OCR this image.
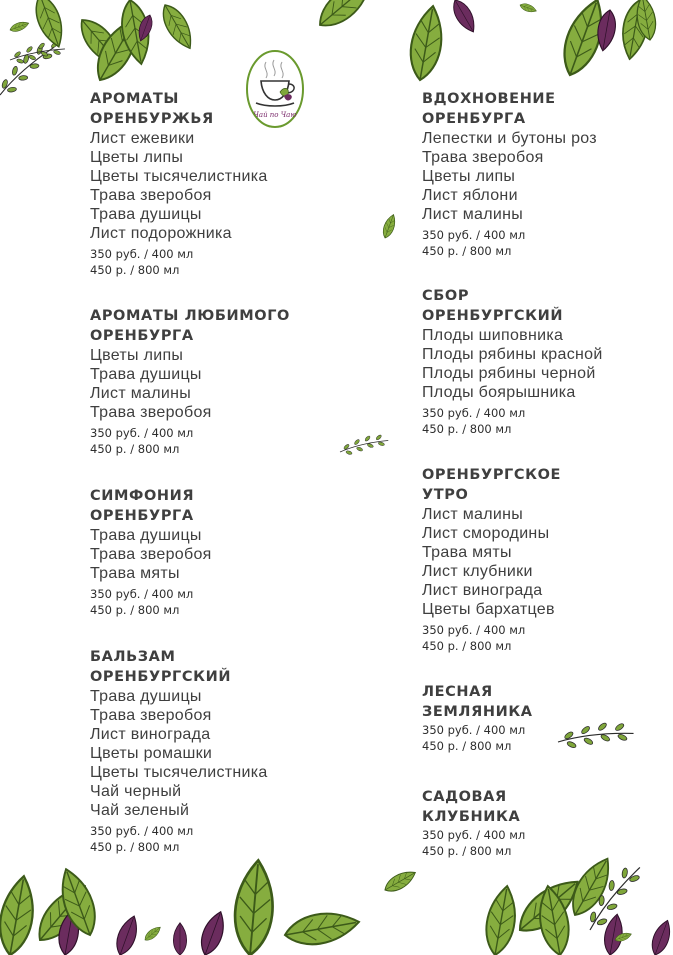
Чай по Чаю
АРОМАТЫ
ОРЕНБУРЖЬЯ
Лист ежевики
Цветы липы
Цветы тысячелистника
Трава зверобоя
Трава душицы
Лист подорожника
350 руб. / 400 мл
450 р. / 800 мл
АРОМАТЫ ЛЮБИМОГО
ОРЕНБУРГА
Цветы липы
Трава душицы
Лист малины
Трава зверобоя
350 руб. / 400 мл
450 р. / 800 мл
СИМФОНИЯ
ОРЕНБУРГА
Трава душицы
Трава зверобоя
Трава мяты
350 руб. / 400 мл
450 р. / 800 мл
БАЛЬЗАМ
ОРЕНБУРГСКИЙ
Трава душицы
Трава зверобоя
Лист винограда
Цветы ромашки
Цветы тысячелистника
Чай черный
Чай зеленый
350 руб. / 400 мл
450 р. / 800 мл
ВДОХНОВЕНИЕ
ОРЕНБУРГА
Лепестки и бутоны роз
Трава зверобоя
Цветы липы
Лист яблони
Лист малины
350 руб. / 400 мл
450 р. / 800 мл
СБОР
ОРЕНБУРГСКИЙ
Плоды шиповника
Плоды рябины красной
Плоды рябины черной
Плоды боярышника
350 руб. / 400 мл
450 р. / 800 мл
ОРЕНБУРГСКОЕ
УТРО
Лист малины
Лист смородины
Трава мяты
Лист клубники
Лист винограда
Цветы бархатцев
350 руб. / 400 мл
450 р. / 800 мл
ЛЕСНАЯ
ЗЕМЛЯНИКА
350 руб. / 400 мл
450 р. / 800 мл
САДОВАЯ
КЛУБНИКА
350 руб. / 400 мл
450 р. / 800 мл
